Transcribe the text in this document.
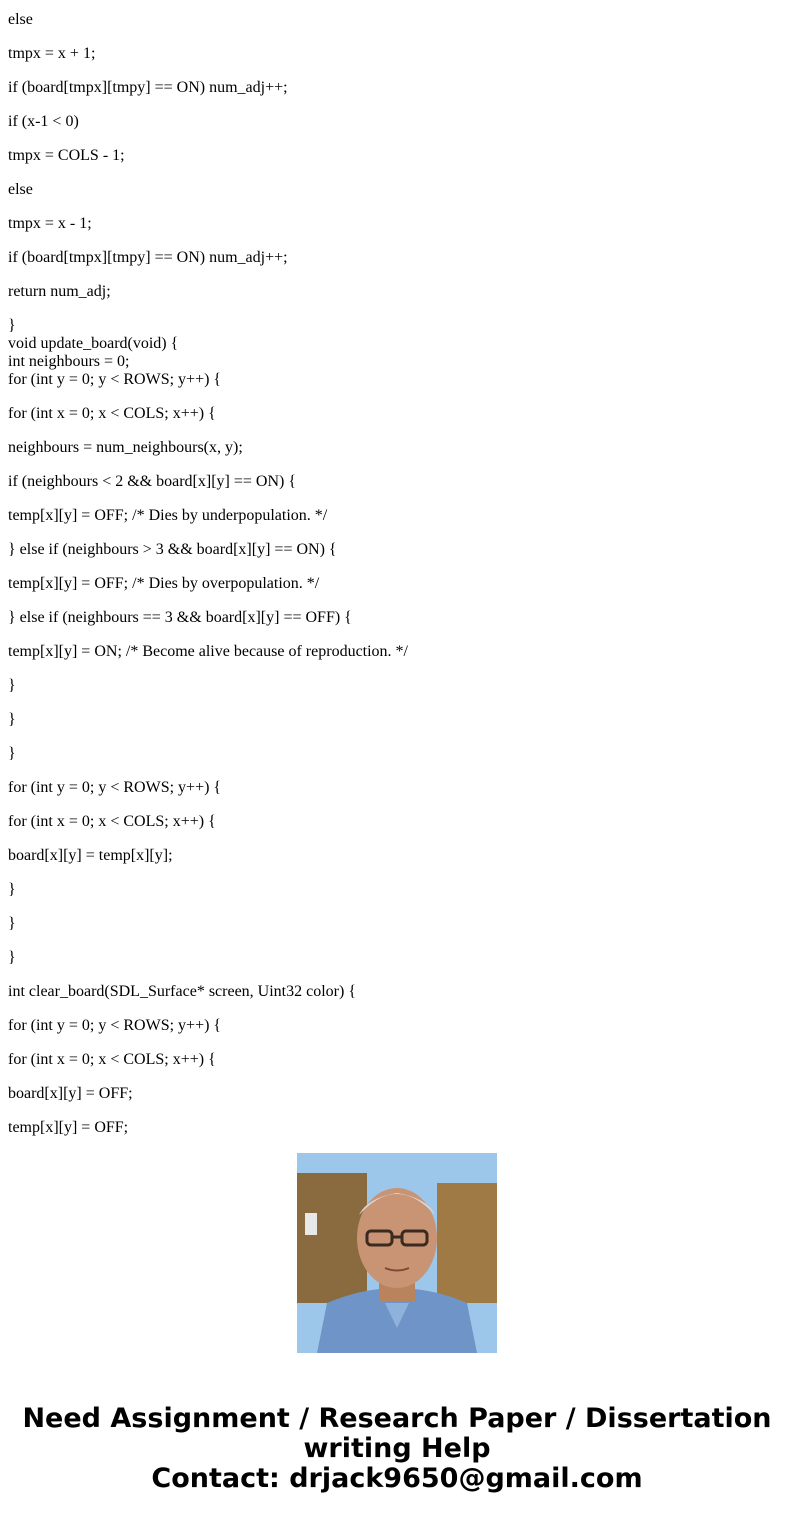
else
tmpx = x + 1;
if (board[tmpx][tmpy] == ON) num_adj++;
if (x-1 < 0)
tmpx = COLS - 1;
else
tmpx = x - 1;
if (board[tmpx][tmpy] == ON) num_adj++;
return num_adj;
}
void update_board(void) {
int neighbours = 0;
for (int y = 0; y < ROWS; y++) {
for (int x = 0; x < COLS; x++) {
neighbours = num_neighbours(x, y);
if (neighbours < 2 && board[x][y] == ON) {
temp[x][y] = OFF; /* Dies by underpopulation. */
} else if (neighbours > 3 && board[x][y] == ON) {
temp[x][y] = OFF; /* Dies by overpopulation. */
} else if (neighbours == 3 && board[x][y] == OFF) {
temp[x][y] = ON; /* Become alive because of reproduction. */
}
}
}
for (int y = 0; y < ROWS; y++) {
for (int x = 0; x < COLS; x++) {
board[x][y] = temp[x][y];
}
}
}
int clear_board(SDL_Surface* screen, Uint32 color) {
for (int y = 0; y < ROWS; y++) {
for (int x = 0; x < COLS; x++) {
board[x][y] = OFF;
temp[x][y] = OFF;
Need Assignment / Research Paper / Dissertation
writing Help
Contact: drjack9650@gmail.com
